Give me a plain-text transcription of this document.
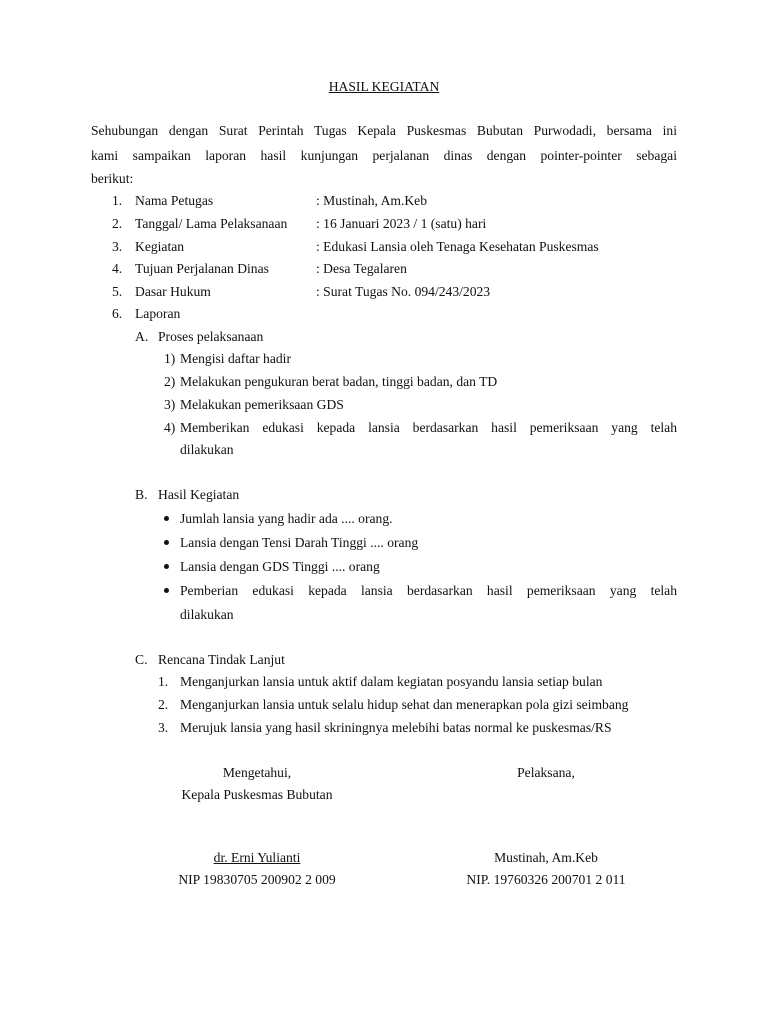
HASIL KEGIATAN
Sehubungan dengan Surat Perintah Tugas Kepala Puskesmas Bubutan Purwodadi, bersama ini
kami sampaikan laporan hasil kunjungan perjalanan dinas dengan pointer-pointer sebagai
berikut:
1. Nama Petugas	: Mustinah, Am.Keb
2. Tanggal/ Lama Pelaksanaan : 16 Januari 2023 / 1 (satu) hari
3. Kegiatan	: Edukasi Lansia oleh Tenaga Kesehatan Puskesmas
4. Tujuan Perjalanan Dinas	: Desa Tegalaren
5. Dasar Hukum	: Surat Tugas No. 094/243/2023
6. Laporan
A. Proses pelaksanaan
1) Mengisi daftar hadir
2) Melakukan pengukuran berat badan, tinggi badan, dan TD
3) Melakukan pemeriksaan GDS
4) Memberikan edukasi kepada lansia berdasarkan hasil pemeriksaan yang telah
dilakukan
B. Hasil Kegiatan
Jumlah lansia yang hadir ada .... orang.
Lansia dengan Tensi Darah Tinggi .... orang
Lansia dengan GDS Tinggi .... orang
Pemberian edukasi kepada lansia berdasarkan hasil pemeriksaan yang telah
dilakukan
C. Rencana Tindak Lanjut
1. Menganjurkan lansia untuk aktif dalam kegiatan posyandu lansia setiap bulan
2. Menganjurkan lansia untuk selalu hidup sehat dan menerapkan pola gizi seimbang
3. Merujuk lansia yang hasil skriningnya melebihi batas normal ke puskesmas/RS
Mengetahui,
Kepala Puskesmas Bubutan
dr. Erni Yulianti
NIP 19830705 200902 2 009
Pelaksana,
Mustinah, Am.Keb
NIP. 19760326 200701 2 011
